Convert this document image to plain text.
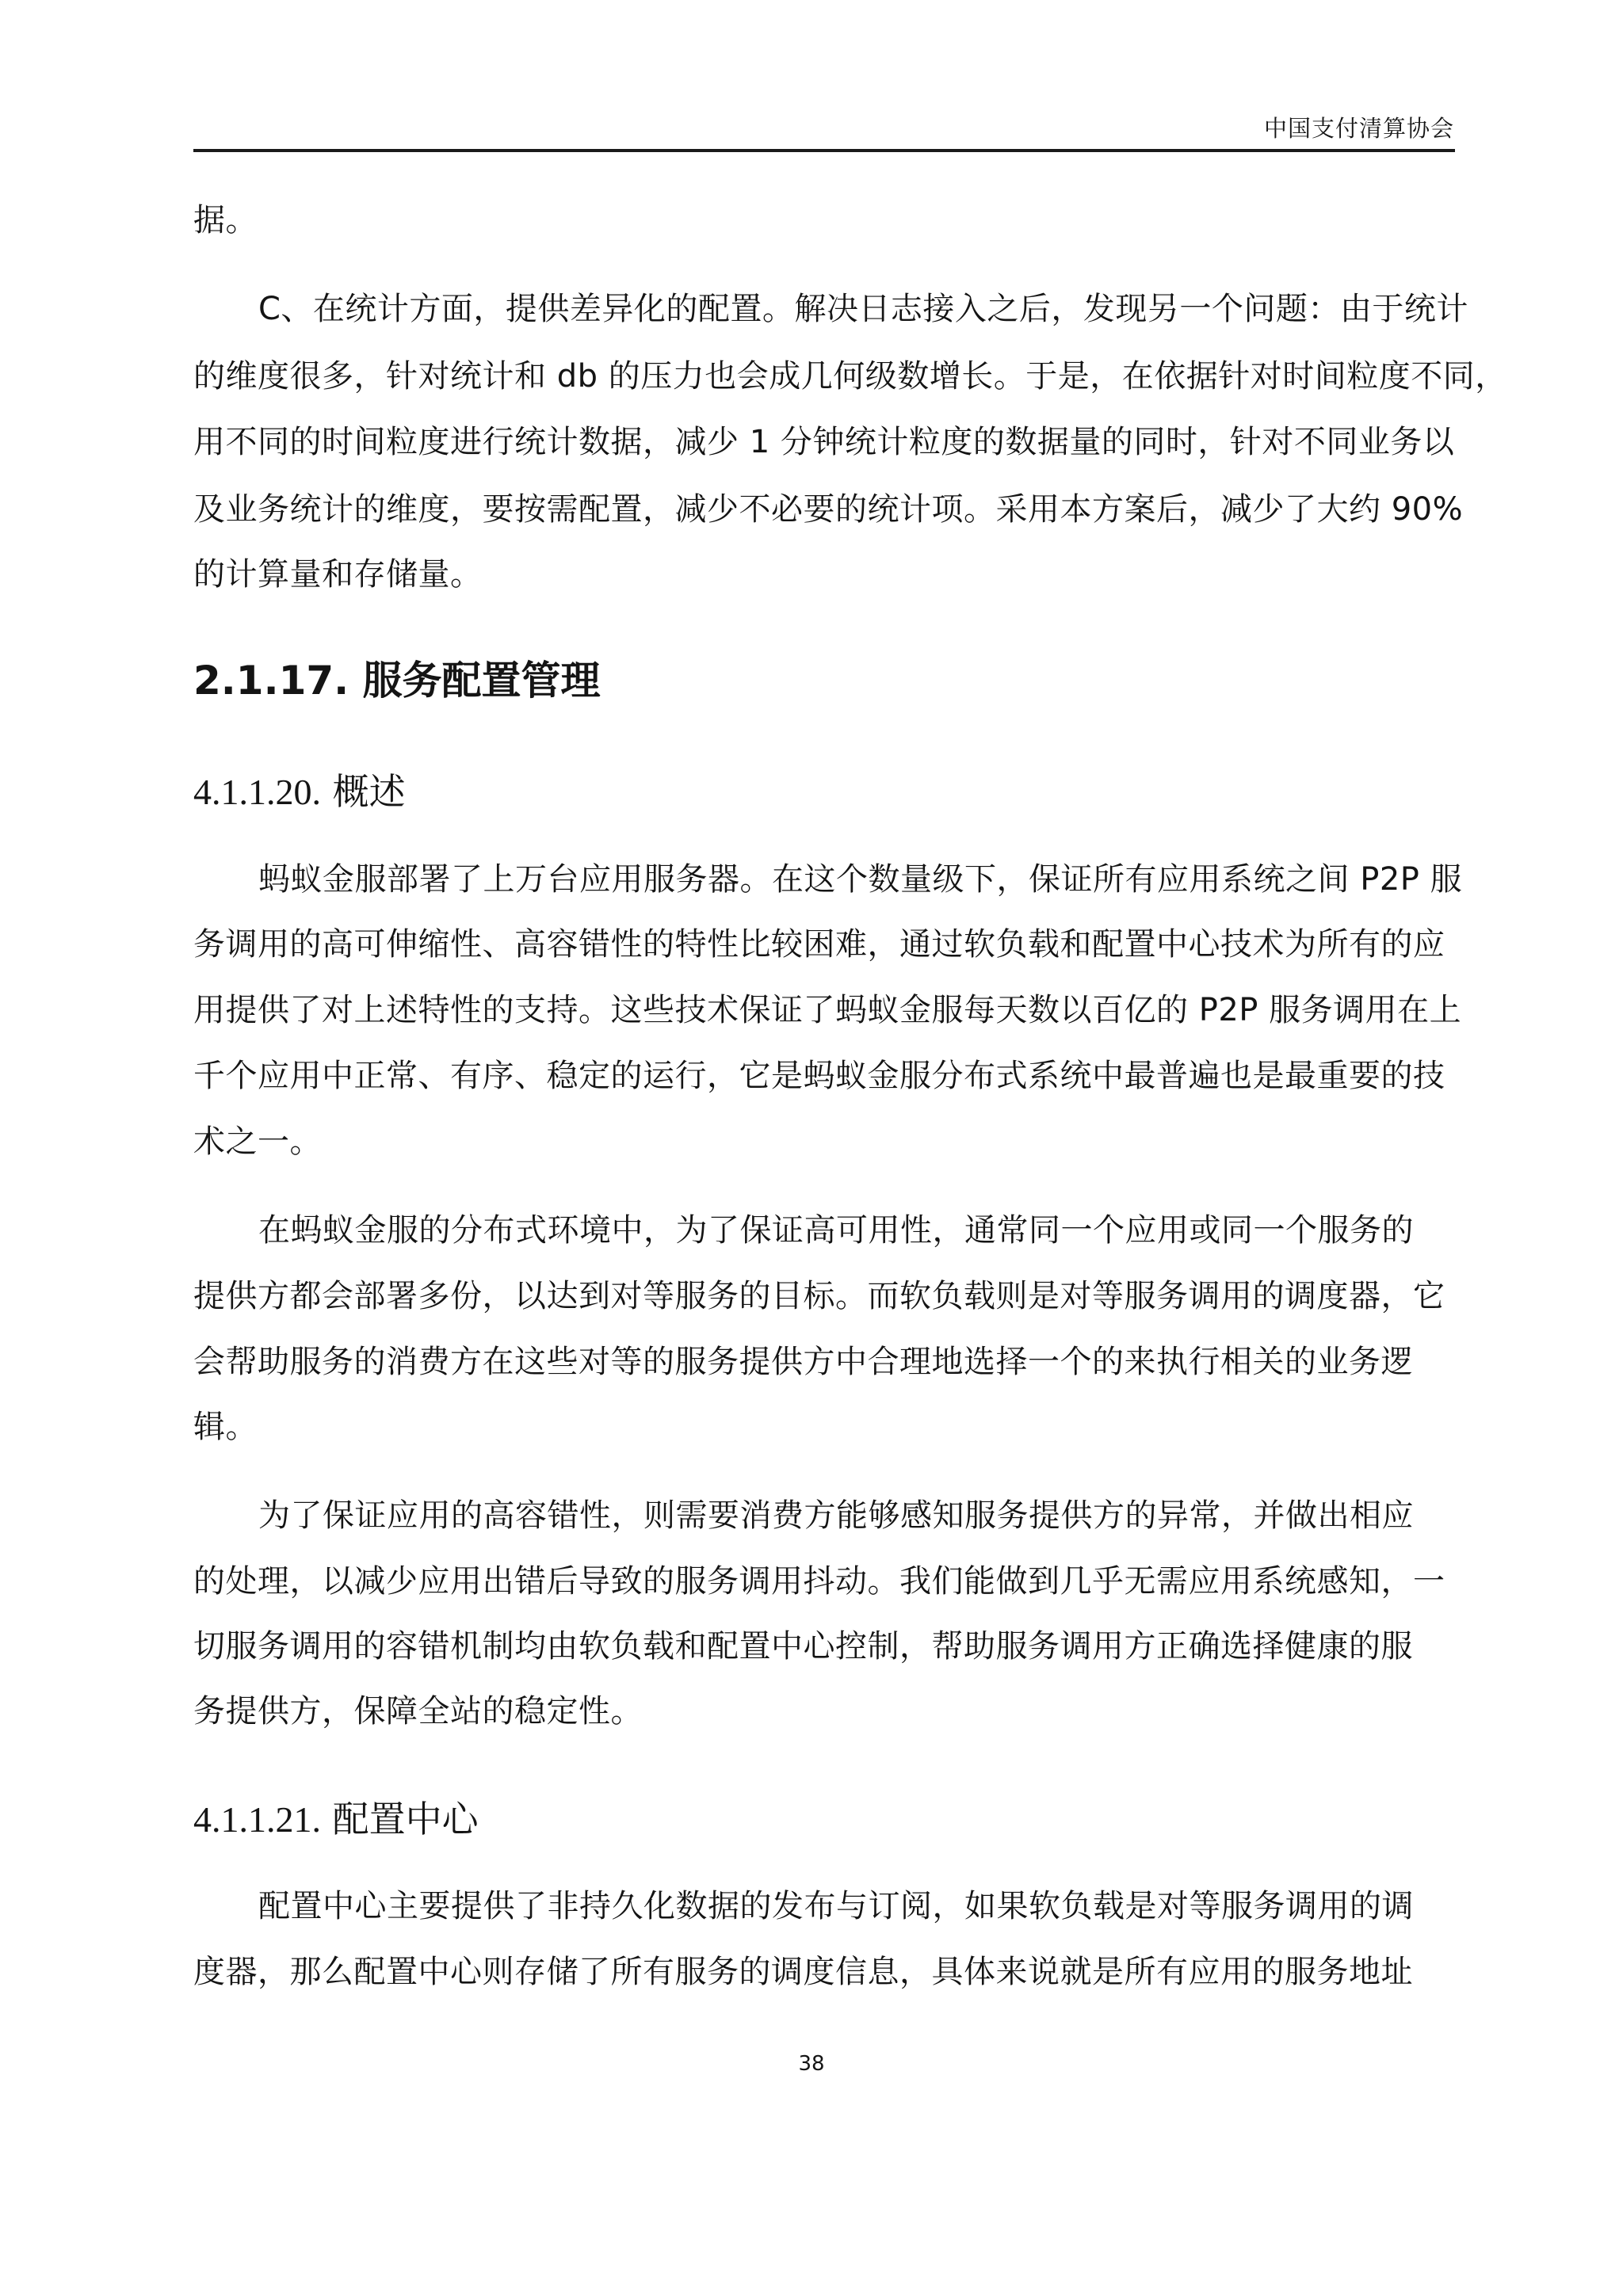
中国支付清算协会
据。
C、在统计方面，提供差异化的配置。解决日志接入之后，发现另一个问题：由于统计
的维度很多，针对统计和 db 的压力也会成几何级数增长。于是，在依据针对时间粒度不同，
用不同的时间粒度进行统计数据，减少 1 分钟统计粒度的数据量的同时，针对不同业务以
及业务统计的维度，要按需配置，减少不必要的统计项。采用本方案后，减少了大约 90%
的计算量和存储量。
2.1.17. 服务配置管理
4.1.1.20. 概述
蚂蚁金服部署了上万台应用服务器。在这个数量级下，保证所有应用系统之间 P2P 服
务调用的高可伸缩性、高容错性的特性比较困难，通过软负载和配置中心技术为所有的应
用提供了对上述特性的支持。这些技术保证了蚂蚁金服每天数以百亿的 P2P 服务调用在上
千个应用中正常、有序、稳定的运行，它是蚂蚁金服分布式系统中最普遍也是最重要的技
术之一。
在蚂蚁金服的分布式环境中，为了保证高可用性，通常同一个应用或同一个服务的
提供方都会部署多份，以达到对等服务的目标。而软负载则是对等服务调用的调度器，它
会帮助服务的消费方在这些对等的服务提供方中合理地选择一个的来执行相关的业务逻
辑。
为了保证应用的高容错性，则需要消费方能够感知服务提供方的异常，并做出相应
的处理，以减少应用出错后导致的服务调用抖动。我们能做到几乎无需应用系统感知，一
切服务调用的容错机制均由软负载和配置中心控制，帮助服务调用方正确选择健康的服
务提供方，保障全站的稳定性。
4.1.1.21. 配置中心
配置中心主要提供了非持久化数据的发布与订阅，如果软负载是对等服务调用的调
度器，那么配置中心则存储了所有服务的调度信息，具体来说就是所有应用的服务地址
38
